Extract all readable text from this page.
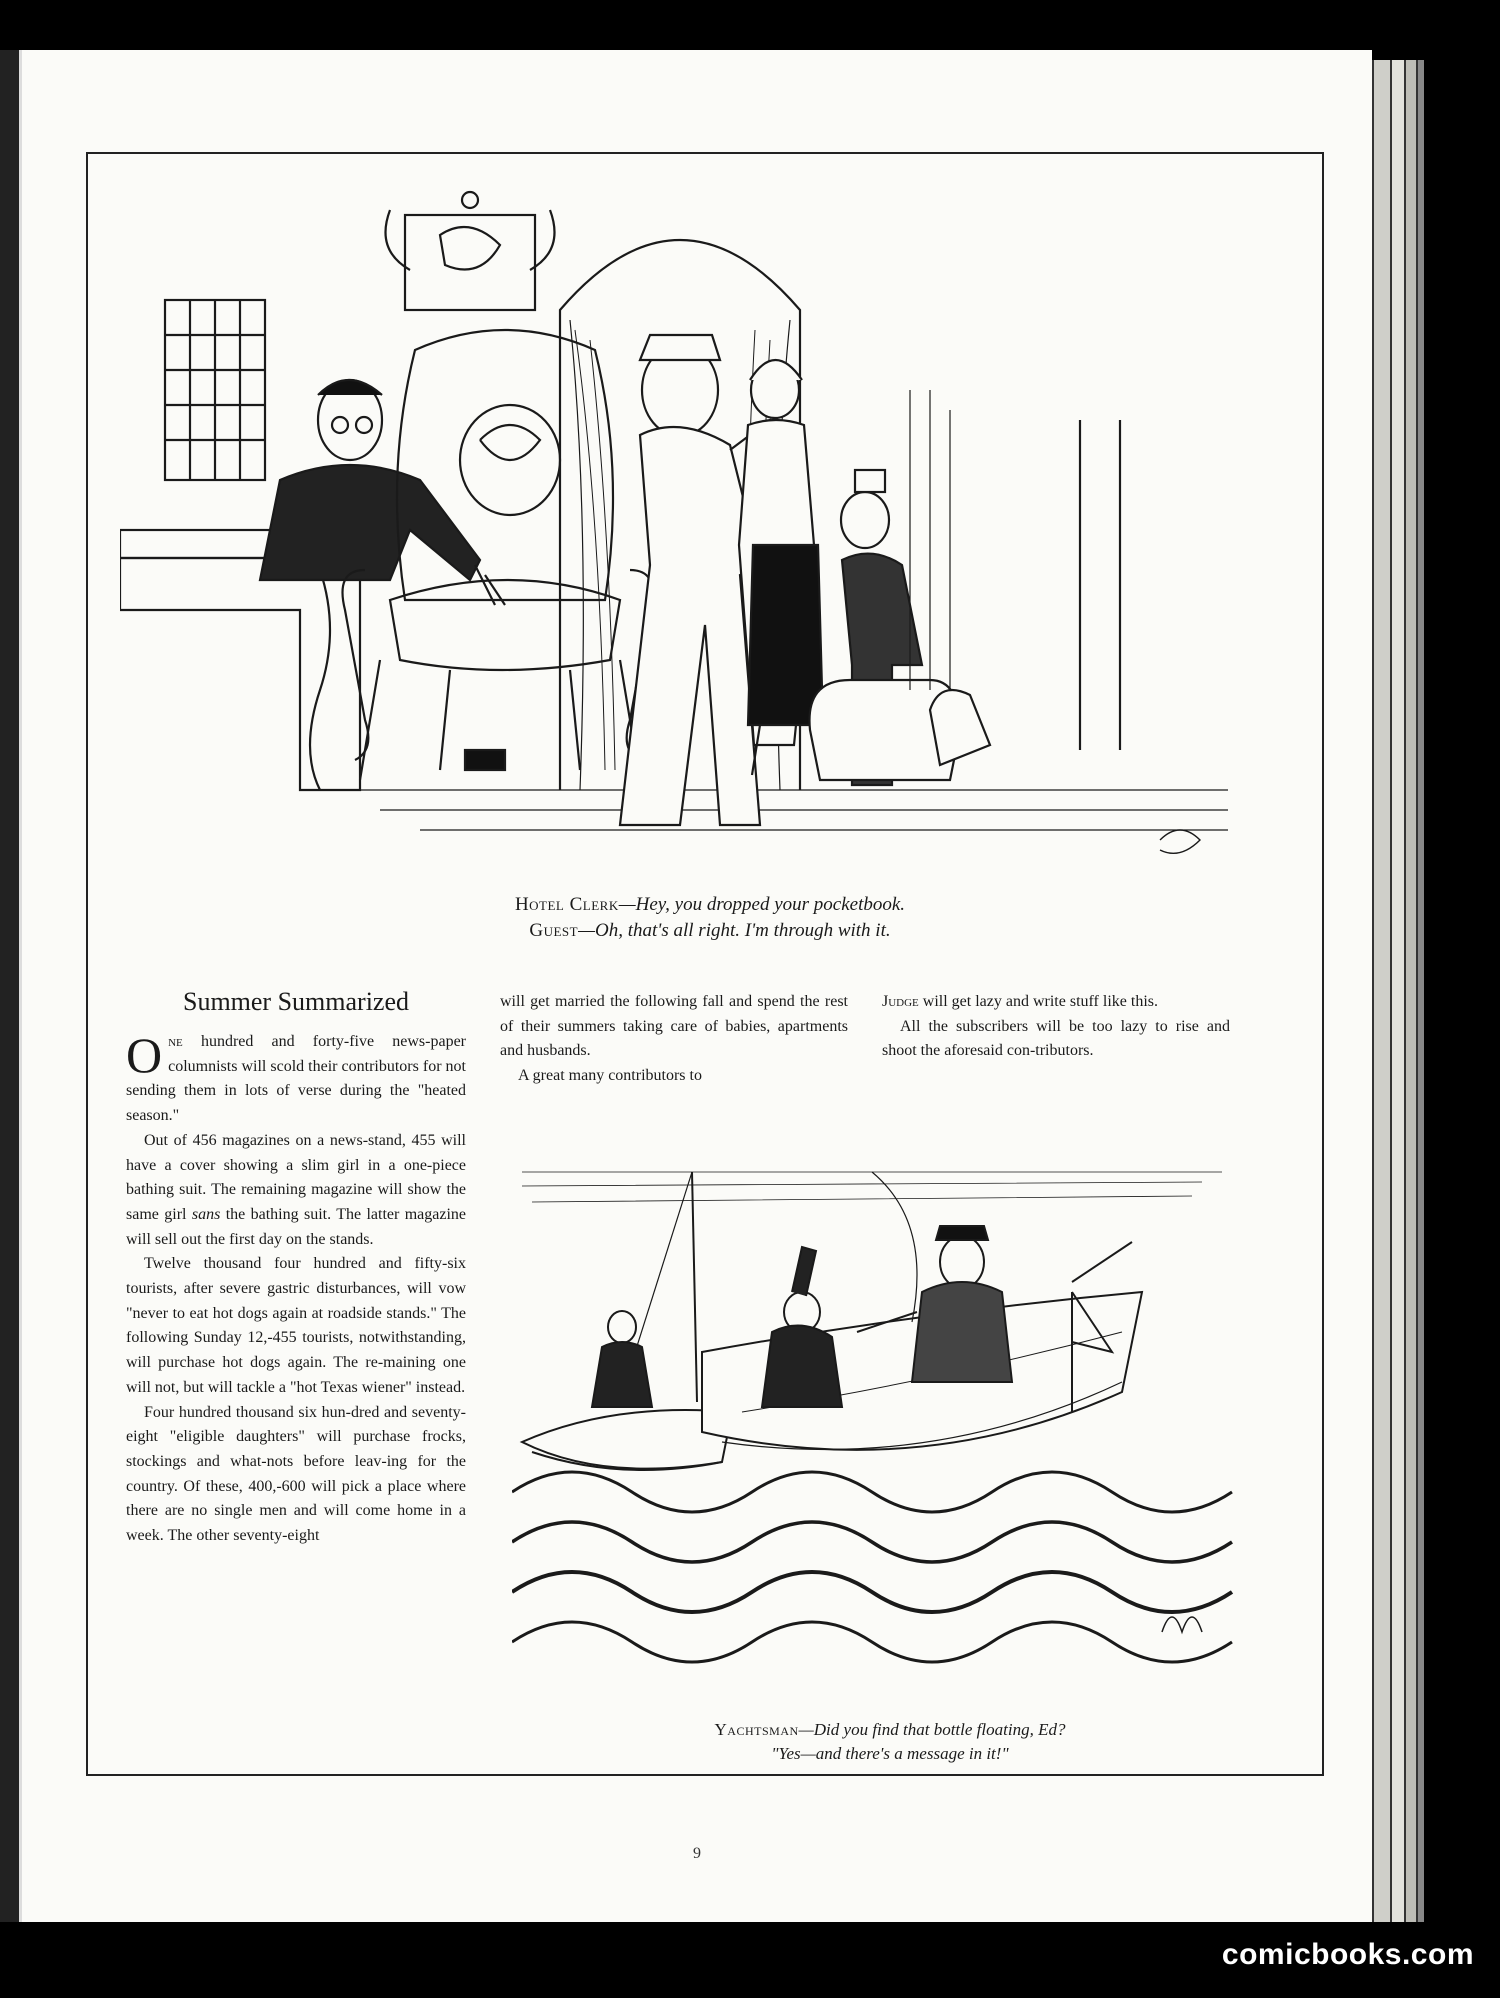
9
Hotel Clerk—Hey, you dropped your pocketbook.
Guest—Oh, that's all right. I'm through with it.
Summer Summarized

One hundred and forty-five news-paper columnists will scold their contributors for not sending them in lots of verse during the "heated season."

Out of 456 magazines on a news-stand, 455 will have a cover showing a slim girl in a one-piece bathing suit. The remaining magazine will show the same girl sans the bathing suit. The latter magazine will sell out the first day on the stands.

Twelve thousand four hundred and fifty-six tourists, after severe gastric disturbances, will vow "never to eat hot dogs again at roadside stands." The following Sunday 12,-455 tourists, notwithstanding, will purchase hot dogs again. The re-maining one will not, but will tackle a "hot Texas wiener" instead.

Four hundred thousand six hun-dred and seventy-eight "eligible daughters" will purchase frocks, stockings and what-nots before leav-ing for the country. Of these, 400,-600 will pick a place where there are no single men and will come home in a week. The other seventy-eight

will get married the following fall and spend the rest of their summers taking care of babies, apartments and husbands.

A great many contributors to

Judge will get lazy and write stuff like this.

All the subscribers will be too lazy to rise and shoot the aforesaid con-tributors.

Yachtsman—Did you find that bottle floating, Ed?
"Yes—and there's a message in it!"
comicbooks.com
